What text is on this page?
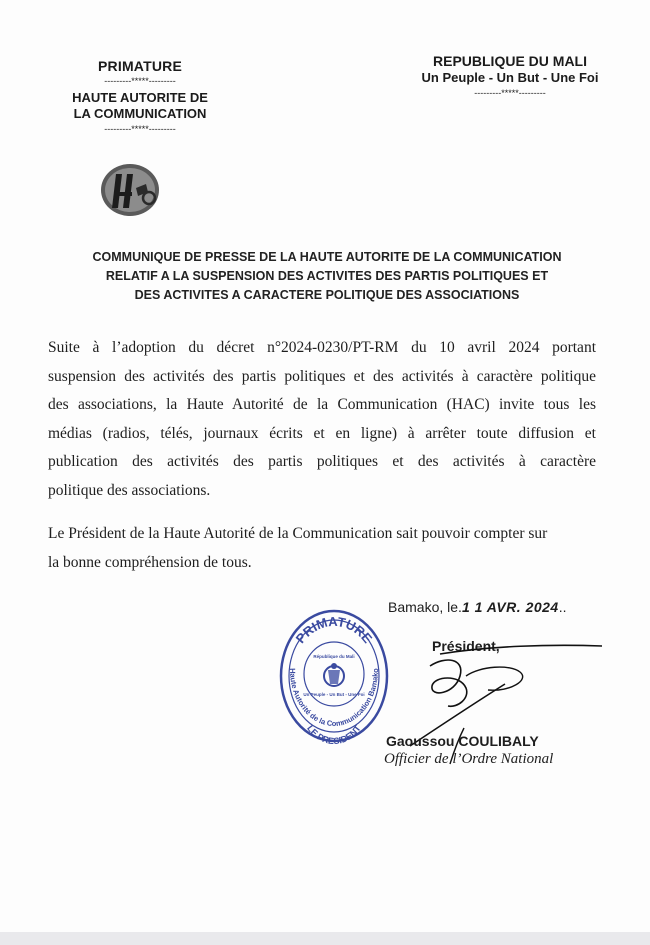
PRIMATURE
---------*****---------
HAUTE AUTORITE DE
LA COMMUNICATION
---------*****---------
REPUBLIQUE DU MALI
Un Peuple - Un But - Une Foi
---------*****---------
COMMUNIQUE DE PRESSE DE LA HAUTE AUTORITE DE LA COMMUNICATION
RELATIF A LA SUSPENSION DES ACTIVITES DES PARTIS POLITIQUES ET
DES ACTIVITES A CARACTERE POLITIQUE DES ASSOCIATIONS
Suite à l’adoption du décret n°2024-0230/PT-RM du 10 avril 2024 portant
suspension des activités des partis politiques et des activités à caractère politique
des associations, la Haute Autorité de la Communication (HAC) invite tous les
médias (radios, télés, journaux écrits et en ligne) à arrêter toute diffusion et
publication des activités des partis politiques et des activités à caractère
politique des associations.
Le Président de la Haute Autorité de la Communication sait pouvoir compter sur
la bonne compréhension de tous.
PRIMATURE
Haute Autorité de la Communication Bamako
République du Mali
Un Peuple - Un But - Une Foi
LE PRESIDENT
Bamako, le.1 1 AVR. 2024..
Président,
Gaoussou COULIBALY
Officier de l’Ordre National
